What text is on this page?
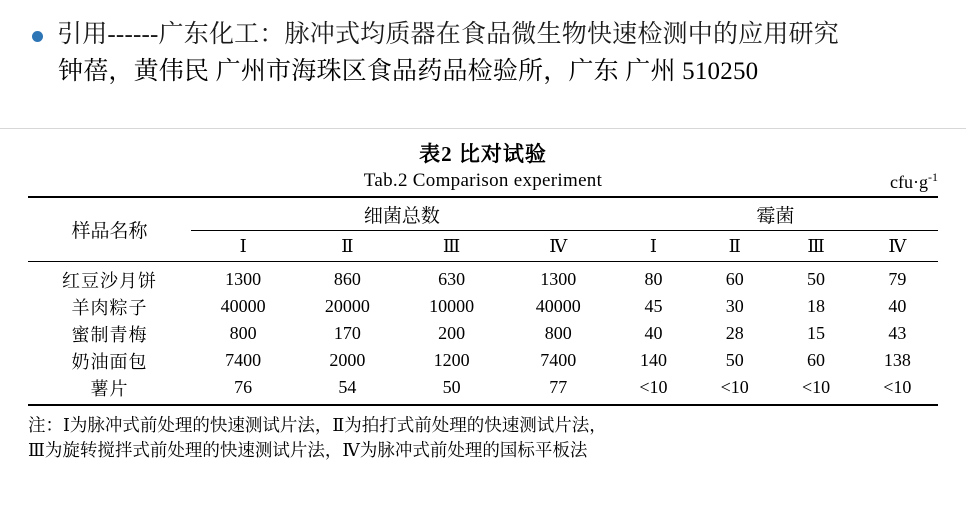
引用------广东化工：脉冲式均质器在食品微生物快速检测中的应用研究
钟蓓，黄伟民 广州市海珠区食品药品检验所，广东 广州 510250
表2 比对试验
Tab.2 Comparison experiment	$cfu\cdot g^{-1}$
样品名称	细菌总数				霉菌			
	Ⅰ	Ⅱ	Ⅲ	Ⅳ	Ⅰ	Ⅱ	Ⅲ	Ⅳ
红豆沙月饼	1300	860	630	1300	80	60	50	79
羊肉粽子	40000	20000	10000	40000	45	30	18	40
蜜制青梅	800	170	200	800	40	28	15	43
奶油面包	7400	2000	1200	7400	140	50	60	138
薯片	76	54	50	77	<10	<10	<10	<10
注：Ⅰ为脉冲式前处理的快速测试片法，Ⅱ为拍打式前处理的快速测试片法，
Ⅲ为旋转搅拌式前处理的快速测试片法，Ⅳ为脉冲式前处理的国标平板法
